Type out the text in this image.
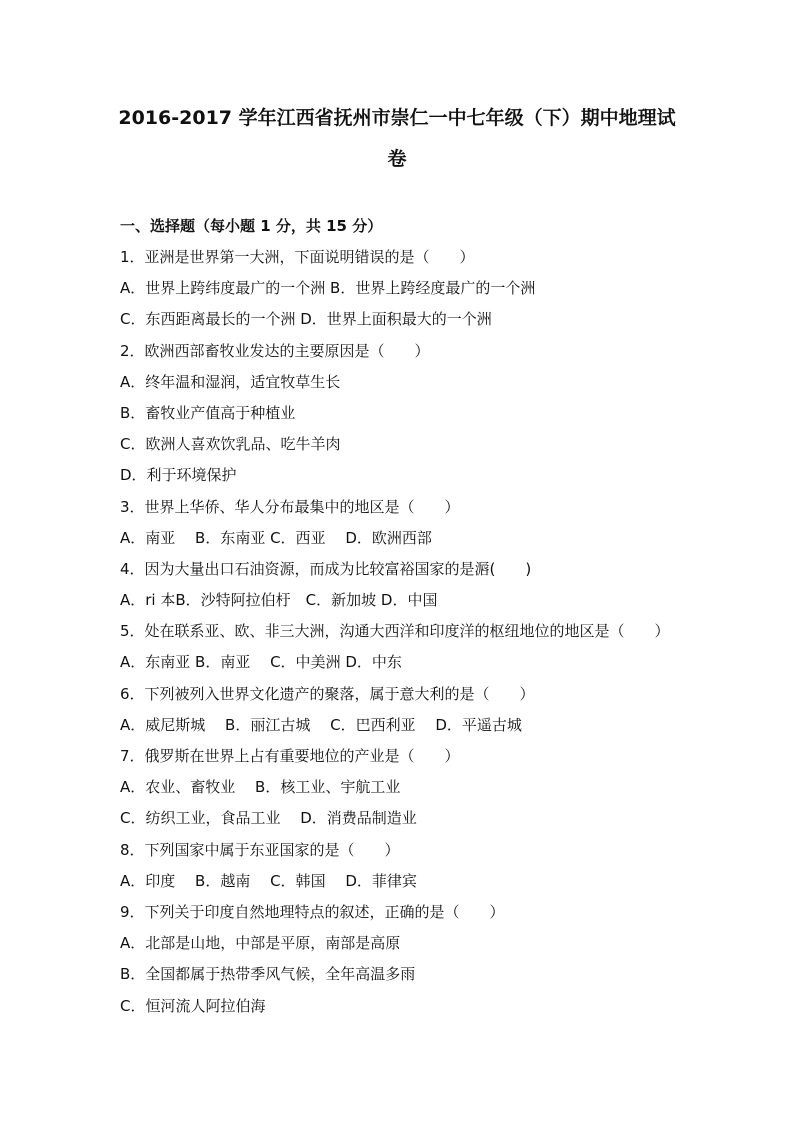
2016-2017 学年江西省抚州市崇仁一中七年级（下）期中地理试
卷
一、选择题（每小题 1 分，共 15 分）
1．亚洲是世界第一大洲，下面说明错误的是（　　）
A．世界上跨纬度最广的一个洲 B．世界上跨经度最广的一个洲
C．东西距离最长的一个洲 D．世界上面积最大的一个洲
2．欧洲西部畜牧业发达的主要原因是（　　）
A．终年温和湿润，适宜牧草生长
B．畜牧业产值高于种植业
C．欧洲人喜欢饮乳品、吃牛羊肉
D．利于环境保护
3．世界上华侨、华人分布最集中的地区是（　　）
A．南亚　 B．东南亚 C．西亚　 D．欧洲西部
4．因为大量出口石油资源，而成为比较富裕国家的是滣(　　)
A．ri 本B．沙特阿拉伯杅　C．新加坡 D．中国
5．处在联系亚、欧、非三大洲，沟通大西洋和印度洋的枢纽地位的地区是（　　）
A．东南亚 B．南亚　 C．中美洲 D．中东
6．下列被列入世界文化遗产的聚落，属于意大利的是（　　）
A．威尼斯城　 B．丽江古城　 C．巴西利亚　 D．平遥古城
7．俄罗斯在世界上占有重要地位的产业是（　　）
A．农业、畜牧业　 B．核工业、宇航工业
C．纺织工业，食品工业　 D．消费品制造业
8．下列国家中属于东亚国家的是（　　）
A．印度　 B．越南　 C．韩国　 D．菲律宾
9．下列关于印度自然地理特点的叙述，正确的是（　　）
A．北部是山地，中部是平原，南部是高原
B．全国都属于热带季风气候，全年高温多雨
C．恒河流人阿拉伯海
